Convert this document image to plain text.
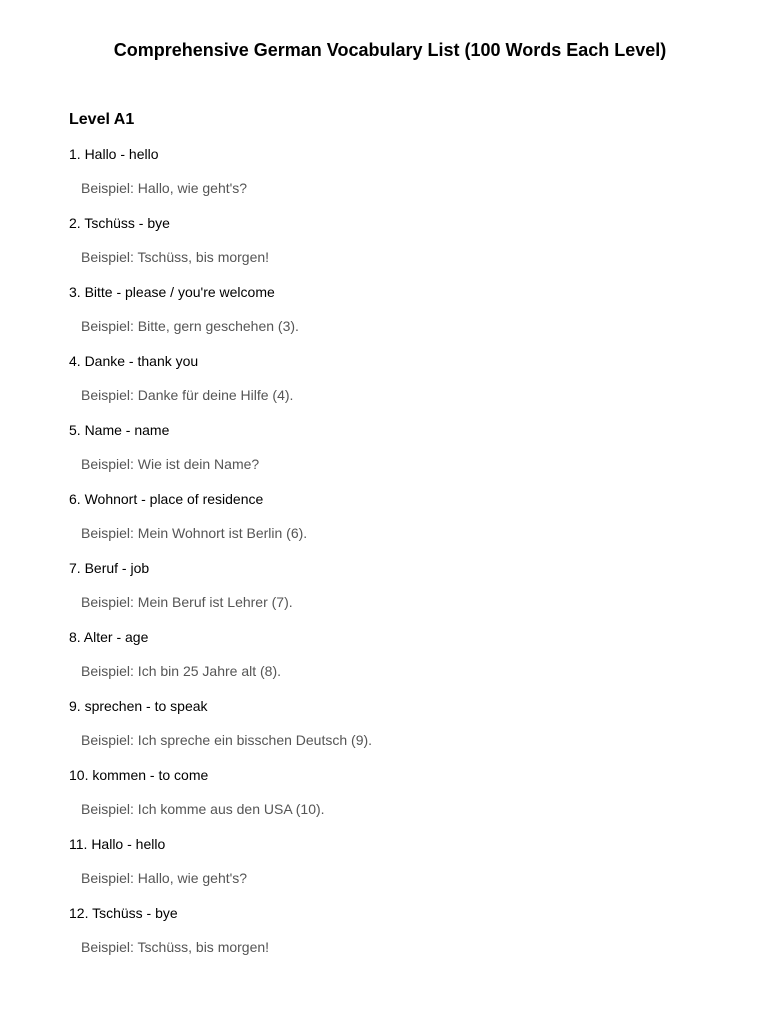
Comprehensive German Vocabulary List (100 Words Each Level)
Level A1
1. Hallo - hello
Beispiel: Hallo, wie geht's?
2. Tschüss - bye
Beispiel: Tschüss, bis morgen!
3. Bitte - please / you're welcome
Beispiel: Bitte, gern geschehen (3).
4. Danke - thank you
Beispiel: Danke für deine Hilfe (4).
5. Name - name
Beispiel: Wie ist dein Name?
6. Wohnort - place of residence
Beispiel: Mein Wohnort ist Berlin (6).
7. Beruf - job
Beispiel: Mein Beruf ist Lehrer (7).
8. Alter - age
Beispiel: Ich bin 25 Jahre alt (8).
9. sprechen - to speak
Beispiel: Ich spreche ein bisschen Deutsch (9).
10. kommen - to come
Beispiel: Ich komme aus den USA (10).
11. Hallo - hello
Beispiel: Hallo, wie geht's?
12. Tschüss - bye
Beispiel: Tschüss, bis morgen!
